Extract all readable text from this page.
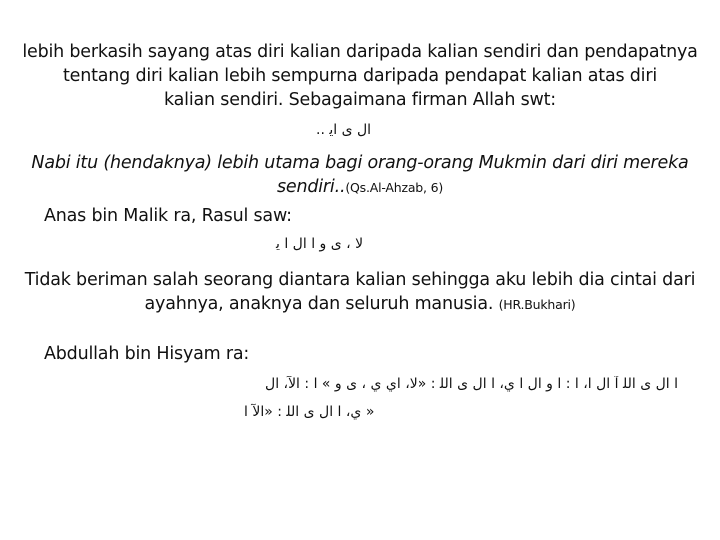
lebih berkasih sayang atas diri kalian daripada kalian sendiri dan pendapatnya
tentang diri kalian lebih sempurna daripada pendapat kalian atas diri
kalian sendiri. Sebagaimana firman Allah swt:
.. ﺍﻝ ﻯ ﺍﻳ
Nabi itu (hendaknya) lebih utama bagi orang-orang Mukmin dari diri mereka
sendiri..(Qs.Al-Ahzab, 6)
Anas bin Malik ra, Rasul saw:
ﻻ ، ﻯ ﻭ ﺍ ﺍﻝ ﺍ ﻳ
Tidak beriman salah seorang diantara kalian sehingga aku lebih dia cintai dari
ayahnya, anaknya dan seluruh manusia. (HR.Bukhari)
Abdullah bin Hisyam ra:
ﺍ ﺍﻝ ﻯ ﺍﻟﻠ ﺁ ﺍﻝ ﺍ، ﺍ : ﺍ ﻭ ﺍﻝ ﺍ ﻱ، ﺍ ﺍﻝ ﻯ ﺍﻟﻠ : «ﻻ، ﺍﻱ ﻱ ، ﻯ ﻭ » ﺍ : ﺍﻵ، ﺍﻝ
ﻱ، ﺍ ﺍﻝ ﻯ ﺍﻟﻠ : «ﺍﻵ ﺍ »
